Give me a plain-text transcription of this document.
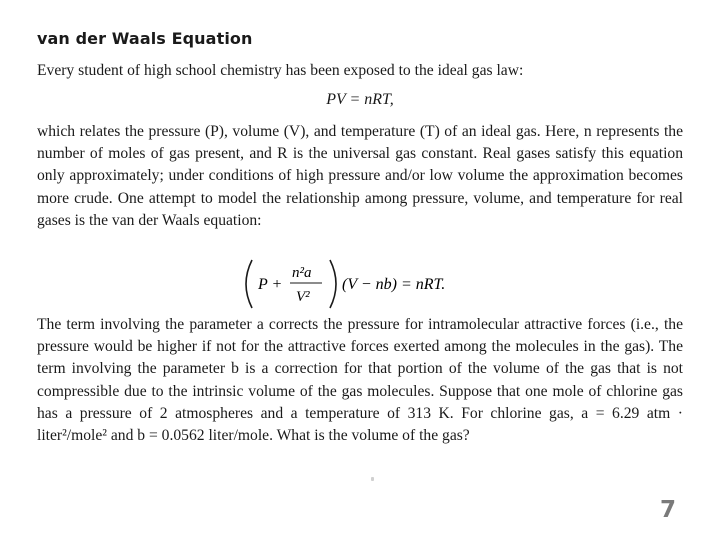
van der Waals Equation
Every student of high school chemistry has been exposed to the ideal gas law:
PV = nRT,
which relates the pressure (P), volume (V), and temperature (T) of an ideal gas. Here, n represents the number of moles of gas present, and R is the universal gas constant. Real gases satisfy this equation only approximately; under conditions of high pressure and/or low volume the approximation becomes more crude. One attempt to model the relationship among pressure, volume, and temperature for real gases is the van der Waals equation:
P +
n²a
V²
(V − nb) = nRT.
The term involving the parameter a corrects the pressure for intramolecular attractive forces (i.e., the pressure would be higher if not for the attractive forces exerted among the molecules in the gas). The term involving the parameter b is a correction for that portion of the volume of the gas that is not compressible due to the intrinsic volume of the gas molecules. Suppose that one mole of chlorine gas has a pressure of 2 atmospheres and a temperature of 313 K. For chlorine gas, a = 6.29 atm · liter²/mole² and b = 0.0562 liter/mole. What is the volume of the gas?
7
